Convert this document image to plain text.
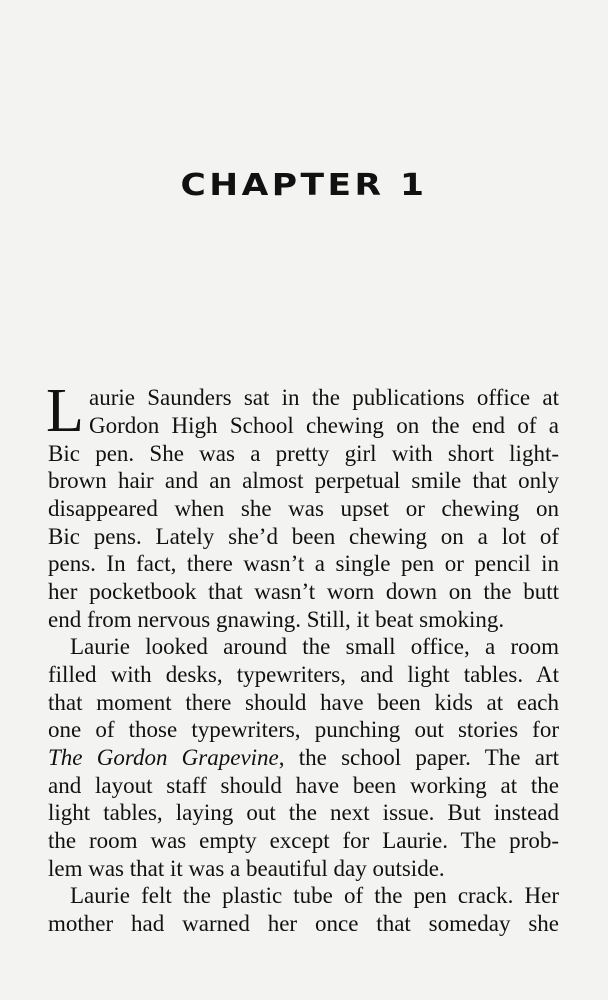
CHAPTER 1
L aurie Saunders sat in the publications office at
Gordon High School chewing on the end of a
Bic pen. She was a pretty girl with short light-
brown hair and an almost perpetual smile that only
disappeared when she was upset or chewing on
Bic pens. Lately she’d been chewing on a lot of
pens. In fact, there wasn’t a single pen or pencil in
her pocketbook that wasn’t worn down on the butt
end from nervous gnawing. Still, it beat smoking.
Laurie looked around the small office, a room
filled with desks, typewriters, and light tables. At
that moment there should have been kids at each
one of those typewriters, punching out stories for
The Gordon Grapevine, the school paper. The art
and layout staff should have been working at the
light tables, laying out the next issue. But instead
the room was empty except for Laurie. The prob-
lem was that it was a beautiful day outside.
Laurie felt the plastic tube of the pen crack. Her
mother had warned her once that someday she
